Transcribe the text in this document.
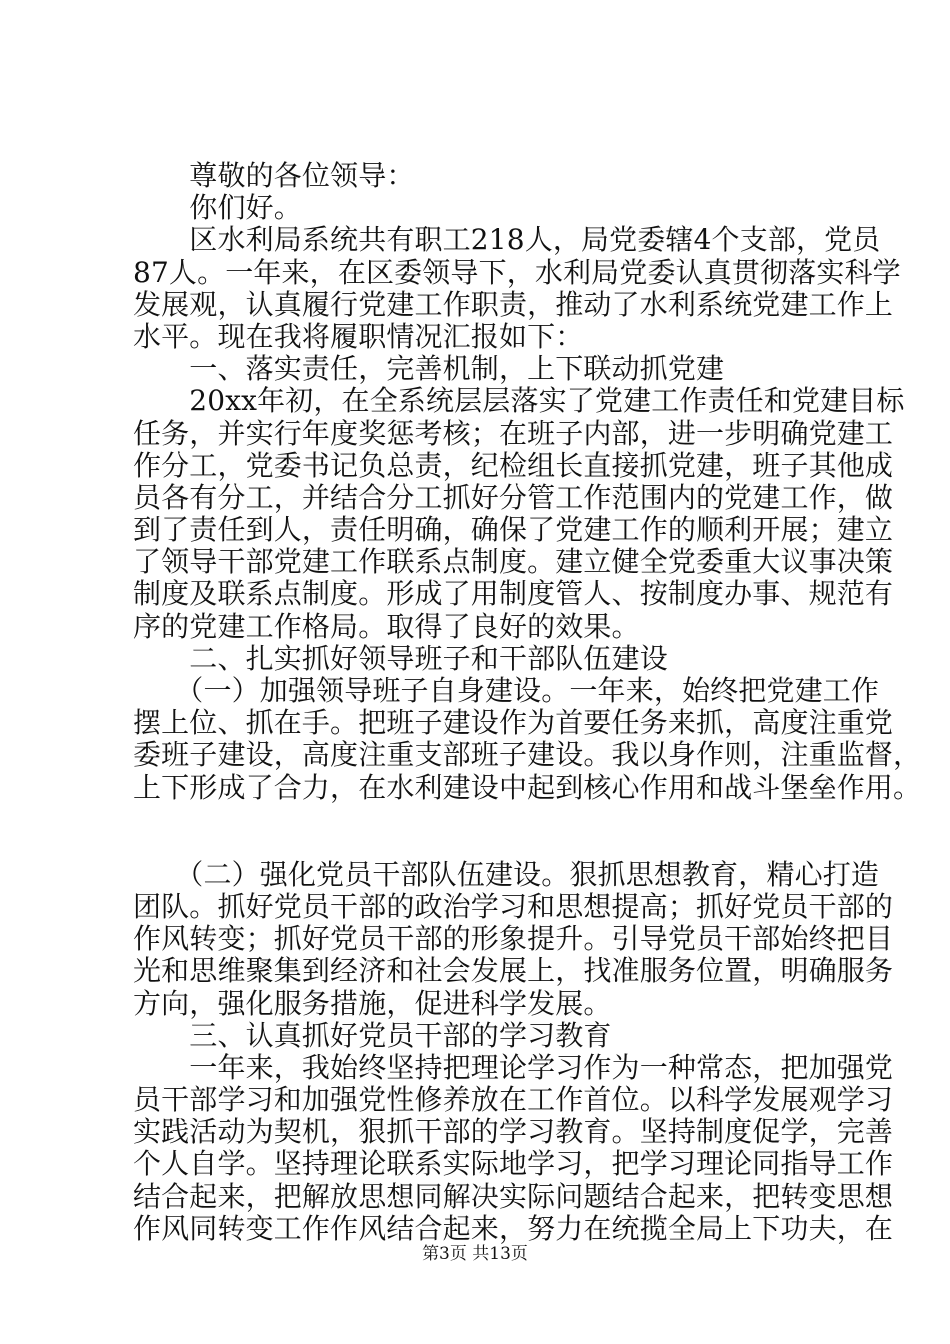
　　尊敬的各位领导：
　　你们好。
　　区水利局系统共有职工218人，局党委辖4个支部，党员
87人。一年来，在区委领导下，水利局党委认真贯彻落实科学
发展观，认真履行党建工作职责，推动了水利系统党建工作上
水平。现在我将履职情况汇报如下：
　　一、落实责任，完善机制，上下联动抓党建
　　20xx年初，在全系统层层落实了党建工作责任和党建目标
任务，并实行年度奖惩考核；在班子内部，进一步明确党建工
作分工，党委书记负总责，纪检组长直接抓党建，班子其他成
员各有分工，并结合分工抓好分管工作范围内的党建工作，做
到了责任到人，责任明确，确保了党建工作的顺利开展；建立
了领导干部党建工作联系点制度。建立健全党委重大议事决策
制度及联系点制度。形成了用制度管人、按制度办事、规范有
序的党建工作格局。取得了良好的效果。
　　二、扎实抓好领导班子和干部队伍建设
　　（一）加强领导班子自身建设。一年来，始终把党建工作
摆上位、抓在手。把班子建设作为首要任务来抓，高度注重党
委班子建设，高度注重支部班子建设。我以身作则，注重监督，
上下形成了合力，在水利建设中起到核心作用和战斗堡垒作用。
　　（二）强化党员干部队伍建设。狠抓思想教育，精心打造
团队。抓好党员干部的政治学习和思想提高；抓好党员干部的
作风转变；抓好党员干部的形象提升。引导党员干部始终把目
光和思维聚集到经济和社会发展上，找准服务位置，明确服务
方向，强化服务措施，促进科学发展。
　　三、认真抓好党员干部的学习教育
　　一年来，我始终坚持把理论学习作为一种常态，把加强党
员干部学习和加强党性修养放在工作首位。以科学发展观学习
实践活动为契机，狠抓干部的学习教育。坚持制度促学，完善
个人自学。坚持理论联系实际地学习，把学习理论同指导工作
结合起来，把解放思想同解决实际问题结合起来，把转变思想
作风同转变工作作风结合起来，努力在统揽全局上下功夫，在
第3页 共13页
